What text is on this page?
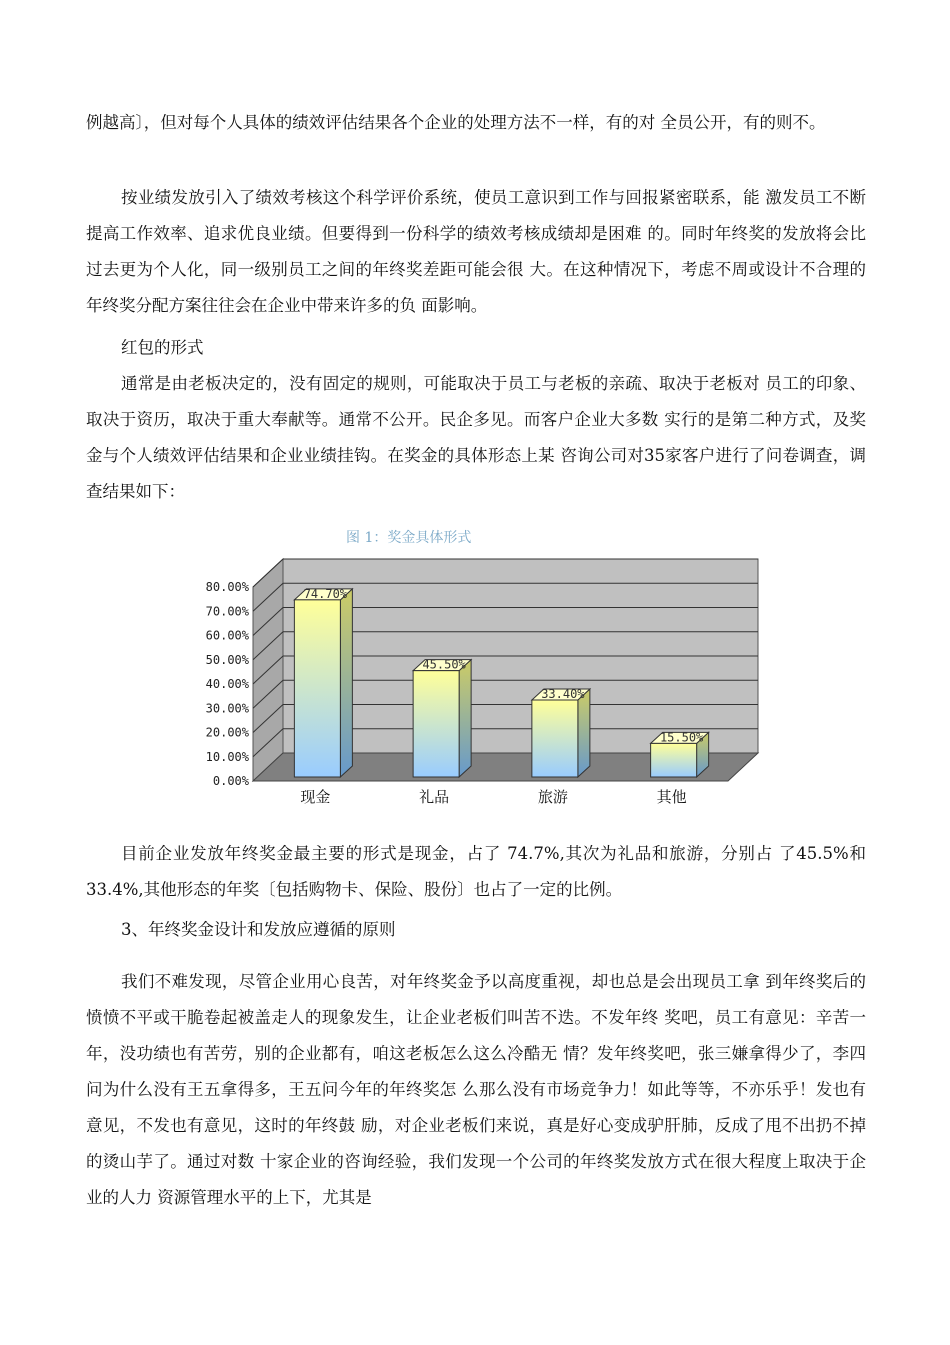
例越高〕，但对每个人具体的绩效评估结果各个企业的处理方法不一样，有的对 全员公开，有的则不。

按业绩发放引入了绩效考核这个科学评价系统，使员工意识到工作与回报紧密联系，能 激发员工不断提高工作效率、追求优良业绩。但要得到一份科学的绩效考核成绩却是困难 的。同时年终奖的发放将会比过去更为个人化，同一级别员工之间的年终奖差距可能会很 大。在这种情况下，考虑不周或设计不合理的年终奖分配方案往往会在企业中带来许多的负 面影响。

红包的形式

通常是由老板决定的，没有固定的规则，可能取决于员工与老板的亲疏、取决于老板对 员工的印象、取决于资历，取决于重大奉献等。通常不公开。民企多见。而客户企业大多数 实行的是第二种方式，及奖金与个人绩效评估结果和企业业绩挂钩。在奖金的具体形态上某 咨询公司对35家客户进行了问卷调查，调查结果如下：

图 1：奖金具体形式
0.00%
10.00%
20.00%
30.00%
40.00%
50.00%
60.00%
70.00%
80.00%	74.70%
现金
45.50%
礼品
33.40%
旅游
15.50%
其他

目前企业发放年终奖金最主要的形式是现金，占了 74.7%,其次为礼品和旅游，分别占 了45.5%和33.4%,其他形态的年奖〔包括购物卡、保险、股份〕也占了一定的比例。

3、年终奖金设计和发放应遵循的原则

我们不难发现，尽管企业用心良苦，对年终奖金予以高度重视，却也总是会出现员工拿 到年终奖后的愤愤不平或干脆卷起被盖走人的现象发生，让企业老板们叫苦不迭。不发年终 奖吧，员工有意见：辛苦一年，没功绩也有苦劳，别的企业都有，咱这老板怎么这么冷酷无 情？发年终奖吧，张三嫌拿得少了，李四问为什么没有王五拿得多，王五问今年的年终奖怎 么那么没有市场竞争力！如此等等，不亦乐乎！发也有意见，不发也有意见，这时的年终鼓 励，对企业老板们来说，真是好心变成驴肝肺，反成了甩不出扔不掉的烫山芋了。通过对数 十家企业的咨询经验，我们发现一个公司的年终奖发放方式在很大程度上取决于企业的人力 资源管理水平的上下，尤其是
